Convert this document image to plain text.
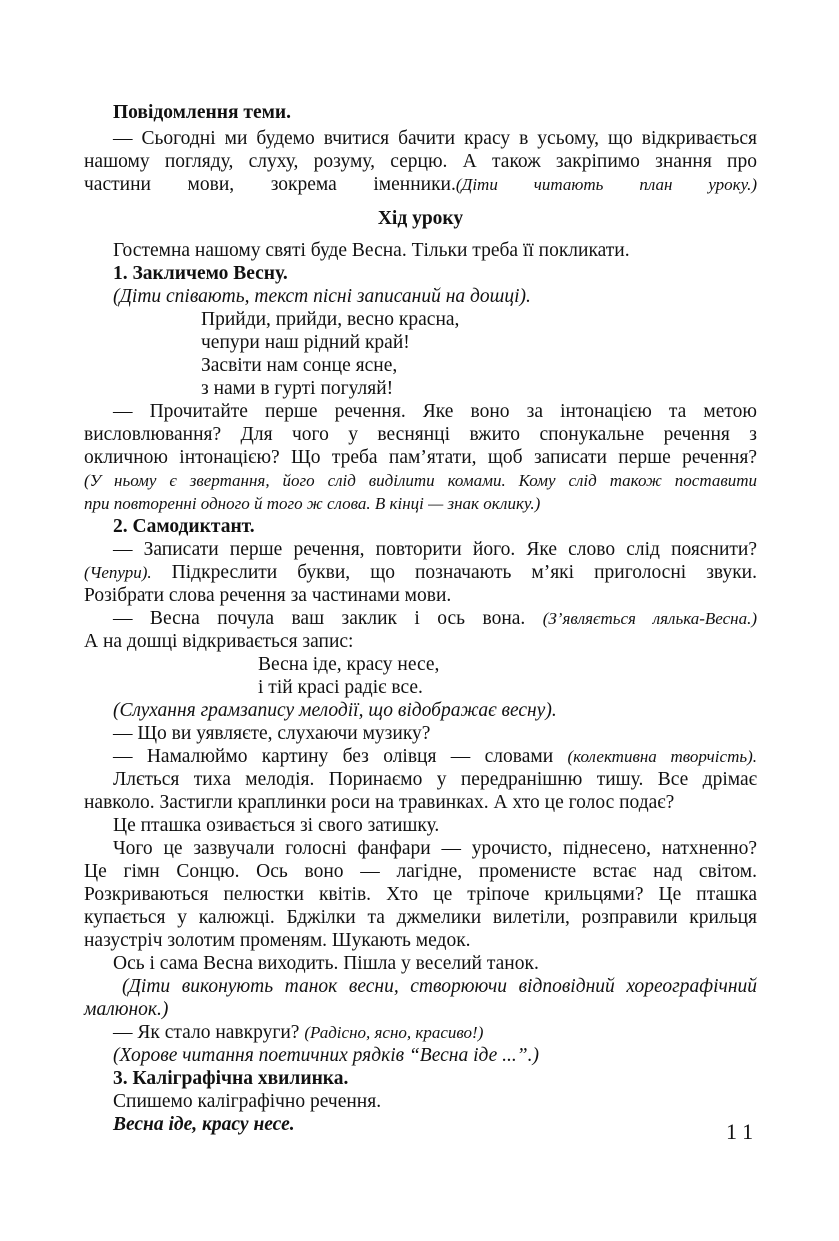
Повідомлення теми.
— Сьогодні ми будемо вчитися бачити красу в усьому, що відкривається
нашому погляду, слуху, розуму, серцю. А також закріпимо знання про
частини мови, зокрема іменники.(Діти читають план уроку.)
Хід уроку
Гостемна нашому святі буде Весна. Тільки треба її покликати.
1. Закличемо Весну.
(Діти співають, текст пісні записаний на дошці).
Прийди, прийди, весно красна,
чепури наш рідний край!
Засвіти нам сонце ясне,
з нами в гурті погуляй!
— Прочитайте перше речення. Яке воно за інтонацією та метою
висловлювання? Для чого у веснянці вжито спонукальне речення з
окличною інтонацією? Що треба пам’ятати, щоб записати перше речення?
(У ньому є звертання, його слід виділити комами. Кому слід також поставити
при повторенні одного й того ж слова. В кінці — знак оклику.)
2. Самодиктант.
— Записати перше речення, повторити його. Яке слово слід пояснити?
(Чепури). Підкреслити букви, що позначають м’які приголосні звуки.
Розібрати слова речення за частинами мови.
— Весна почула ваш заклик і ось вона. (З’являється лялька-Весна.)
А на дошці відкривається запис:
Весна іде, красу несе,
і тій красі радіє все.
(Слухання грамзапису мелодії, що відображає весну).
— Що ви уявляєте, слухаючи музику?
— Намалюймо картину без олівця — словами (колективна творчість).
Ллється тиха мелодія. Поринаємо у передранішню тишу. Все дрімає
навколо. Застигли краплинки роси на травинках. А хто це голос подає?
Це пташка озивається зі свого затишку.
Чого це зазвучали голосні фанфари — урочисто, піднесено, натхненно?
Це гімн Сонцю. Ось воно — лагідне, променисте встає над світом.
Розкриваються пелюстки квітів. Хто це тріпоче крильцями? Це пташка
купається у калюжці. Бджілки та джмелики вилетіли, розправили крильця
назустріч золотим променям. Шукають медок.
Ось і сама Весна виходить. Пішла у веселий танок.
(Діти виконують танок весни, створюючи відповідний хореографічний
малюнок.)
— Як стало навкруги? (Радісно, ясно, красиво!)
(Хорове читання поетичних рядків “Весна іде ...”.)
3. Каліграфічна хвилинка.
Спишемо каліграфічно речення.
Весна іде, красу несе.	11
